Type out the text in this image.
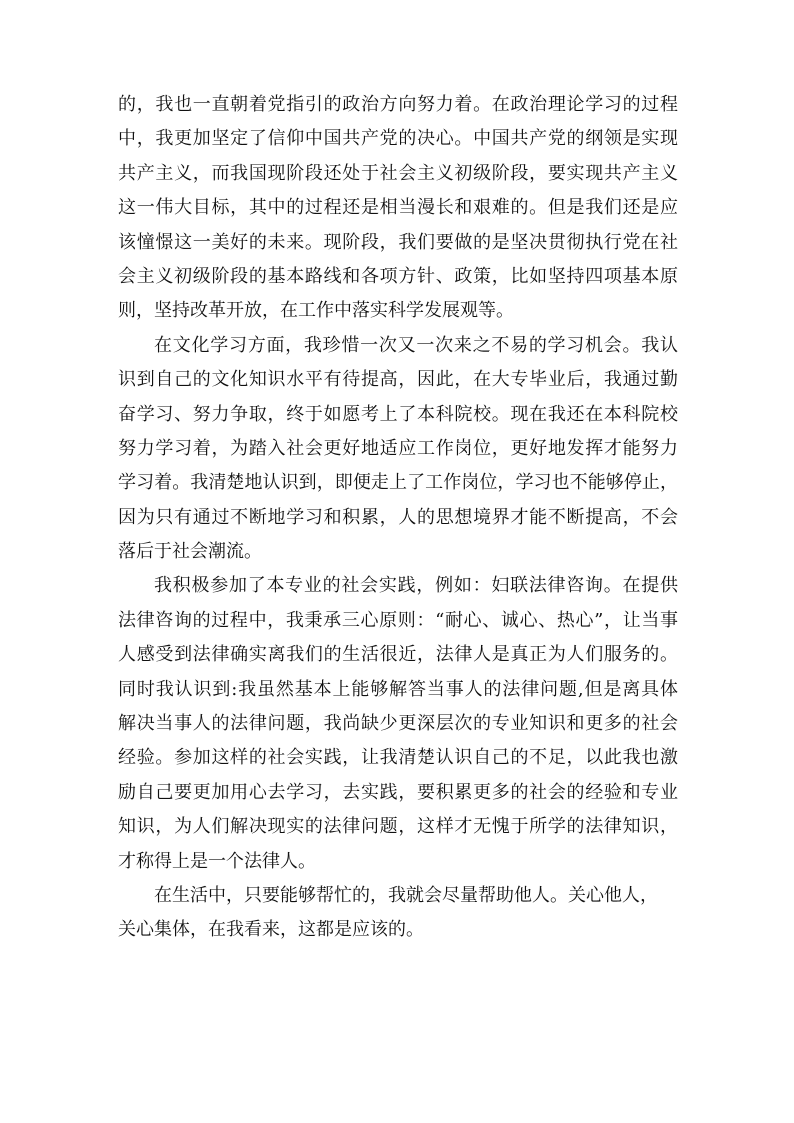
的，我也一直朝着党指引的政治方向努力着。在政治理论学习的过程
中，我更加坚定了信仰中国共产党的决心。中国共产党的纲领是实现
共产主义，而我国现阶段还处于社会主义初级阶段，要实现共产主义
这一伟大目标，其中的过程还是相当漫长和艰难的。但是我们还是应
该憧憬这一美好的未来。现阶段，我们要做的是坚决贯彻执行党在社
会主义初级阶段的基本路线和各项方针、政策，比如坚持四项基本原
则，坚持改革开放，在工作中落实科学发展观等。
在文化学习方面，我珍惜一次又一次来之不易的学习机会。我认
识到自己的文化知识水平有待提高，因此，在大专毕业后，我通过勤
奋学习、努力争取，终于如愿考上了本科院校。现在我还在本科院校
努力学习着，为踏入社会更好地适应工作岗位，更好地发挥才能努力
学习着。我清楚地认识到，即便走上了工作岗位，学习也不能够停止，
因为只有通过不断地学习和积累，人的思想境界才能不断提高，不会
落后于社会潮流。
我积极参加了本专业的社会实践，例如：妇联法律咨询。在提供
法律咨询的过程中，我秉承三心原则：“耐心、诚心、热心”，让当事
人感受到法律确实离我们的生活很近，法律人是真正为人们服务的。
同时我认识到:我虽然基本上能够解答当事人的法律问题,但是离具体
解决当事人的法律问题，我尚缺少更深层次的专业知识和更多的社会
经验。参加这样的社会实践，让我清楚认识自己的不足，以此我也激
励自己要更加用心去学习，去实践，要积累更多的社会的经验和专业
知识，为人们解决现实的法律问题，这样才无愧于所学的法律知识，
才称得上是一个法律人。
在生活中，只要能够帮忙的，我就会尽量帮助他人。关心他人，
关心集体，在我看来，这都是应该的。
